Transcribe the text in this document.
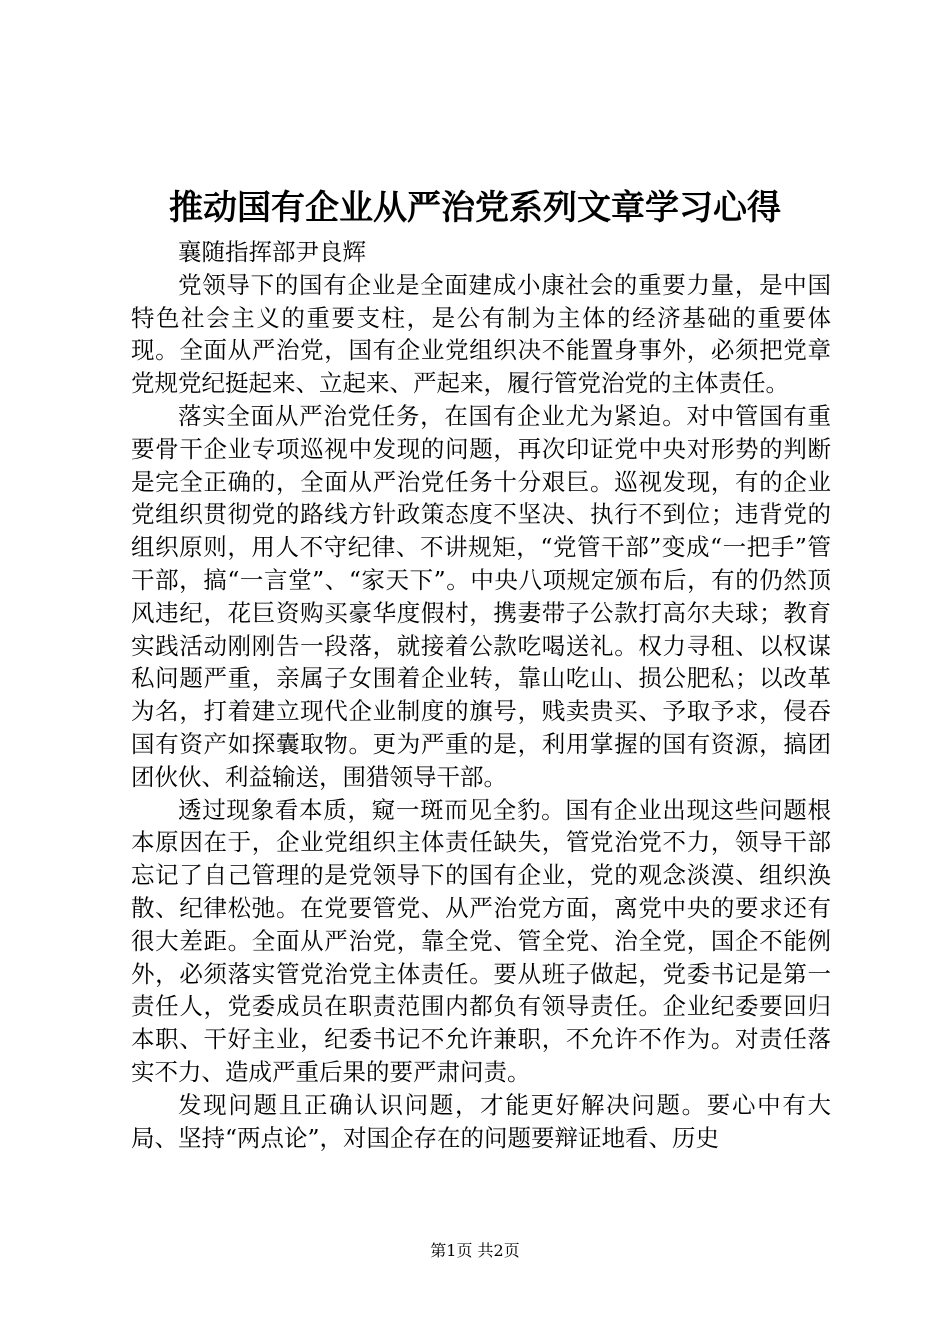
推动国有企业从严治党系列文章学习心得

襄随指挥部尹良辉

党领导下的国有企业是全面建成小康社会的重要力量，是中国特色社会主义的重要支柱，是公有制为主体的经济基础的重要体现。全面从严治党，国有企业党组织决不能置身事外，必须把党章党规党纪挺起来、立起来、严起来，履行管党治党的主体责任。

落实全面从严治党任务，在国有企业尤为紧迫。对中管国有重要骨干企业专项巡视中发现的问题，再次印证党中央对形势的判断是完全正确的，全面从严治党任务十分艰巨。巡视发现，有的企业党组织贯彻党的路线方针政策态度不坚决、执行不到位；违背党的组织原则，用人不守纪律、不讲规矩，“党管干部”变成“一把手”管干部，搞“一言堂”、“家天下”。中央八项规定颁布后，有的仍然顶风违纪，花巨资购买豪华度假村，携妻带子公款打高尔夫球；教育实践活动刚刚告一段落，就接着公款吃喝送礼。权力寻租、以权谋私问题严重，亲属子女围着企业转，靠山吃山、损公肥私；以改革为名，打着建立现代企业制度的旗号，贱卖贵买、予取予求，侵吞国有资产如探囊取物。更为严重的是，利用掌握的国有资源，搞团团伙伙、利益输送，围猎领导干部。

透过现象看本质，窥一斑而见全豹。国有企业出现这些问题根本原因在于，企业党组织主体责任缺失，管党治党不力，领导干部忘记了自己管理的是党领导下的国有企业，党的观念淡漠、组织涣散、纪律松弛。在党要管党、从严治党方面，离党中央的要求还有很大差距。全面从严治党，靠全党、管全党、治全党，国企不能例外，必须落实管党治党主体责任。要从班子做起，党委书记是第一责任人，党委成员在职责范围内都负有领导责任。企业纪委要回归本职、干好主业，纪委书记不允许兼职，不允许不作为。对责任落实不力、造成严重后果的要严肃问责。

发现问题且正确认识问题，才能更好解决问题。要心中有大局、坚持“两点论”，对国企存在的问题要辩证地看、历史

第1页 共2页
